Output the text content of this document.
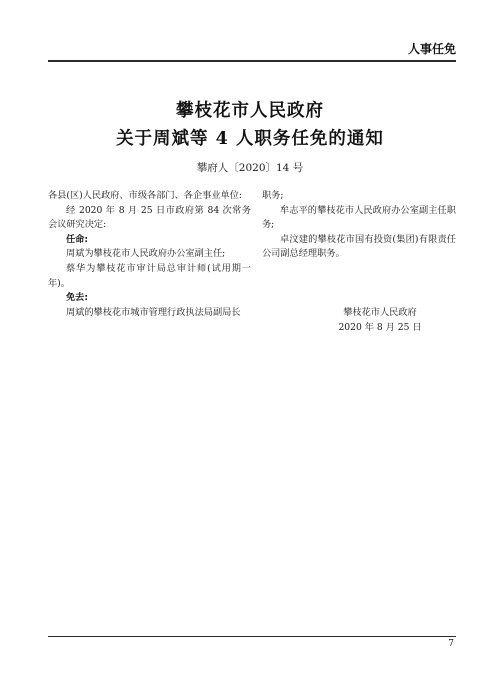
人事任免
攀枝花市人民政府
关于周斌等 4 人职务任免的通知
攀府人〔2020〕14 号

各县(区)人民政府、市级各部门、各企事业单位:

经 2020 年 8 月 25 日市政府第 84 次常务会议研究决定:

任命:

周斌为攀枝花市人民政府办公室副主任;

蔡华为攀枝花市审计局总审计师(试用期一年)。

免去:

周斌的攀枝花市城市管理行政执法局副局长

职务;

牟志平的攀枝花市人民政府办公室副主任职务;

卓汶建的攀枝花市国有投资(集团)有限责任公司副总经理职务。

攀枝花市人民政府
2020 年 8 月 25 日
7
